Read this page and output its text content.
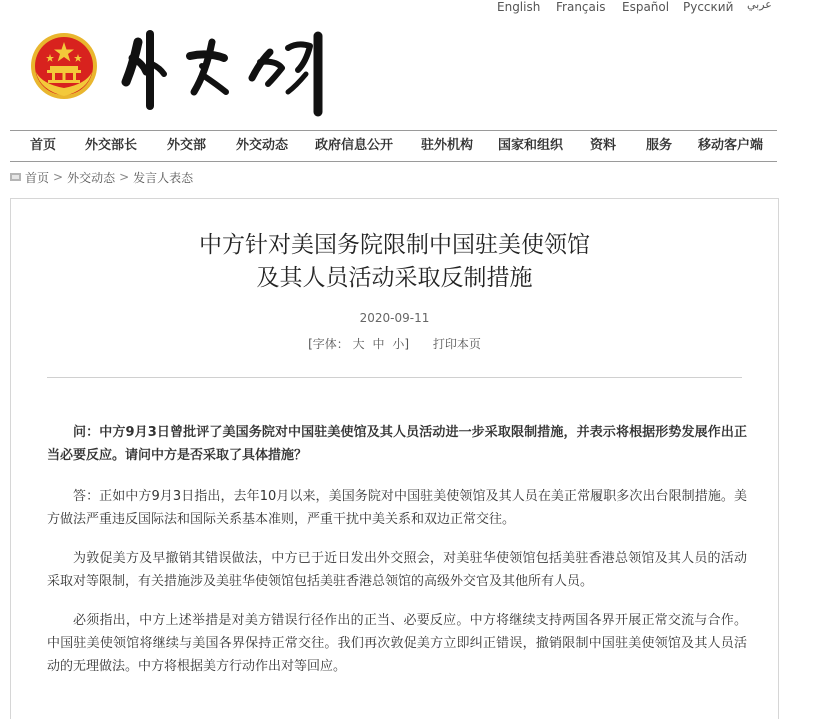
English Français Español Русский عربي
首页 外交部长 外交部 外交动态 政府信息公开 驻外机构 国家和组织 资料 服务 移动客户端
首页 > 外交动态 > 发言人表态
中方针对美国务院限制中国驻美使领馆
及其人员活动采取反制措施
2020-09-11
[字体： 大 中 小] 打印本页

问：中方9月3日曾批评了美国务院对中国驻美使馆及其人员活动进一步采取限制措施，并表示将根据形势发展作出正当必要反应。请问中方是否采取了具体措施？

答：正如中方9月3日指出，去年10月以来，美国务院对中国驻美使领馆及其人员在美正常履职多次出台限制措施。美方做法严重违反国际法和国际关系基本准则，严重干扰中美关系和双边正常交往。

为敦促美方及早撤销其错误做法，中方已于近日发出外交照会，对美驻华使领馆包括美驻香港总领馆及其人员的活动采取对等限制，有关措施涉及美驻华使领馆包括美驻香港总领馆的高级外交官及其他所有人员。

必须指出，中方上述举措是对美方错误行径作出的正当、必要反应。中方将继续支持两国各界开展正常交流与合作。中国驻美使领馆将继续与美国各界保持正常交往。我们再次敦促美方立即纠正错误，撤销限制中国驻美使领馆及其人员活动的无理做法。中方将根据美方行动作出对等回应。
